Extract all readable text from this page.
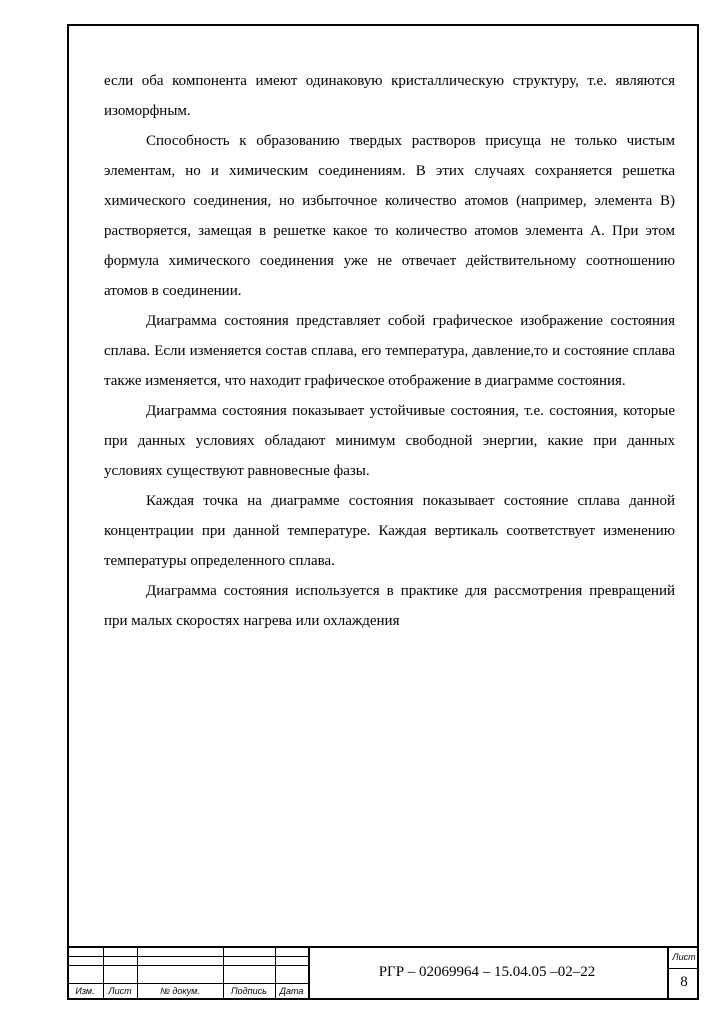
если оба компонента имеют одинаковую кристаллическую структуру, т.е. являются изоморфным.

Способность к образованию твердых растворов присуща не только чистым элементам, но и химическим соединениям. В этих случаях сохраняется решетка химического соединения, но избыточное количество атомов (например, элемента B) растворяется, замещая в решетке какое то количество атомов элемента A. При этом формула химического соединения уже не отвечает действительному соотношению атомов в соединении.

Диаграмма состояния представляет собой графическое изображение состояния сплава. Если изменяется состав сплава, его температура, давление,то и состояние сплава также изменяется, что находит графическое отображение в диаграмме состояния.

Диаграмма состояния показывает устойчивые состояния, т.е. состояния, которые при данных условиях обладают минимум свободной энергии, какие при данных условиях существуют равновесные фазы.

Каждая точка на диаграмме состояния показывает состояние сплава данной концентрации при данной температуре. Каждая вертикаль соответствует изменению температуры определенного сплава.

Диаграмма состояния используется в практике для рассмотрения превращений при малых скоростях нагрева или охлаждения

Изм.	Лист	№ докум.	Подпись	Дата
РГР – 02069964 – 15.04.05 –02–22
Лист
8
